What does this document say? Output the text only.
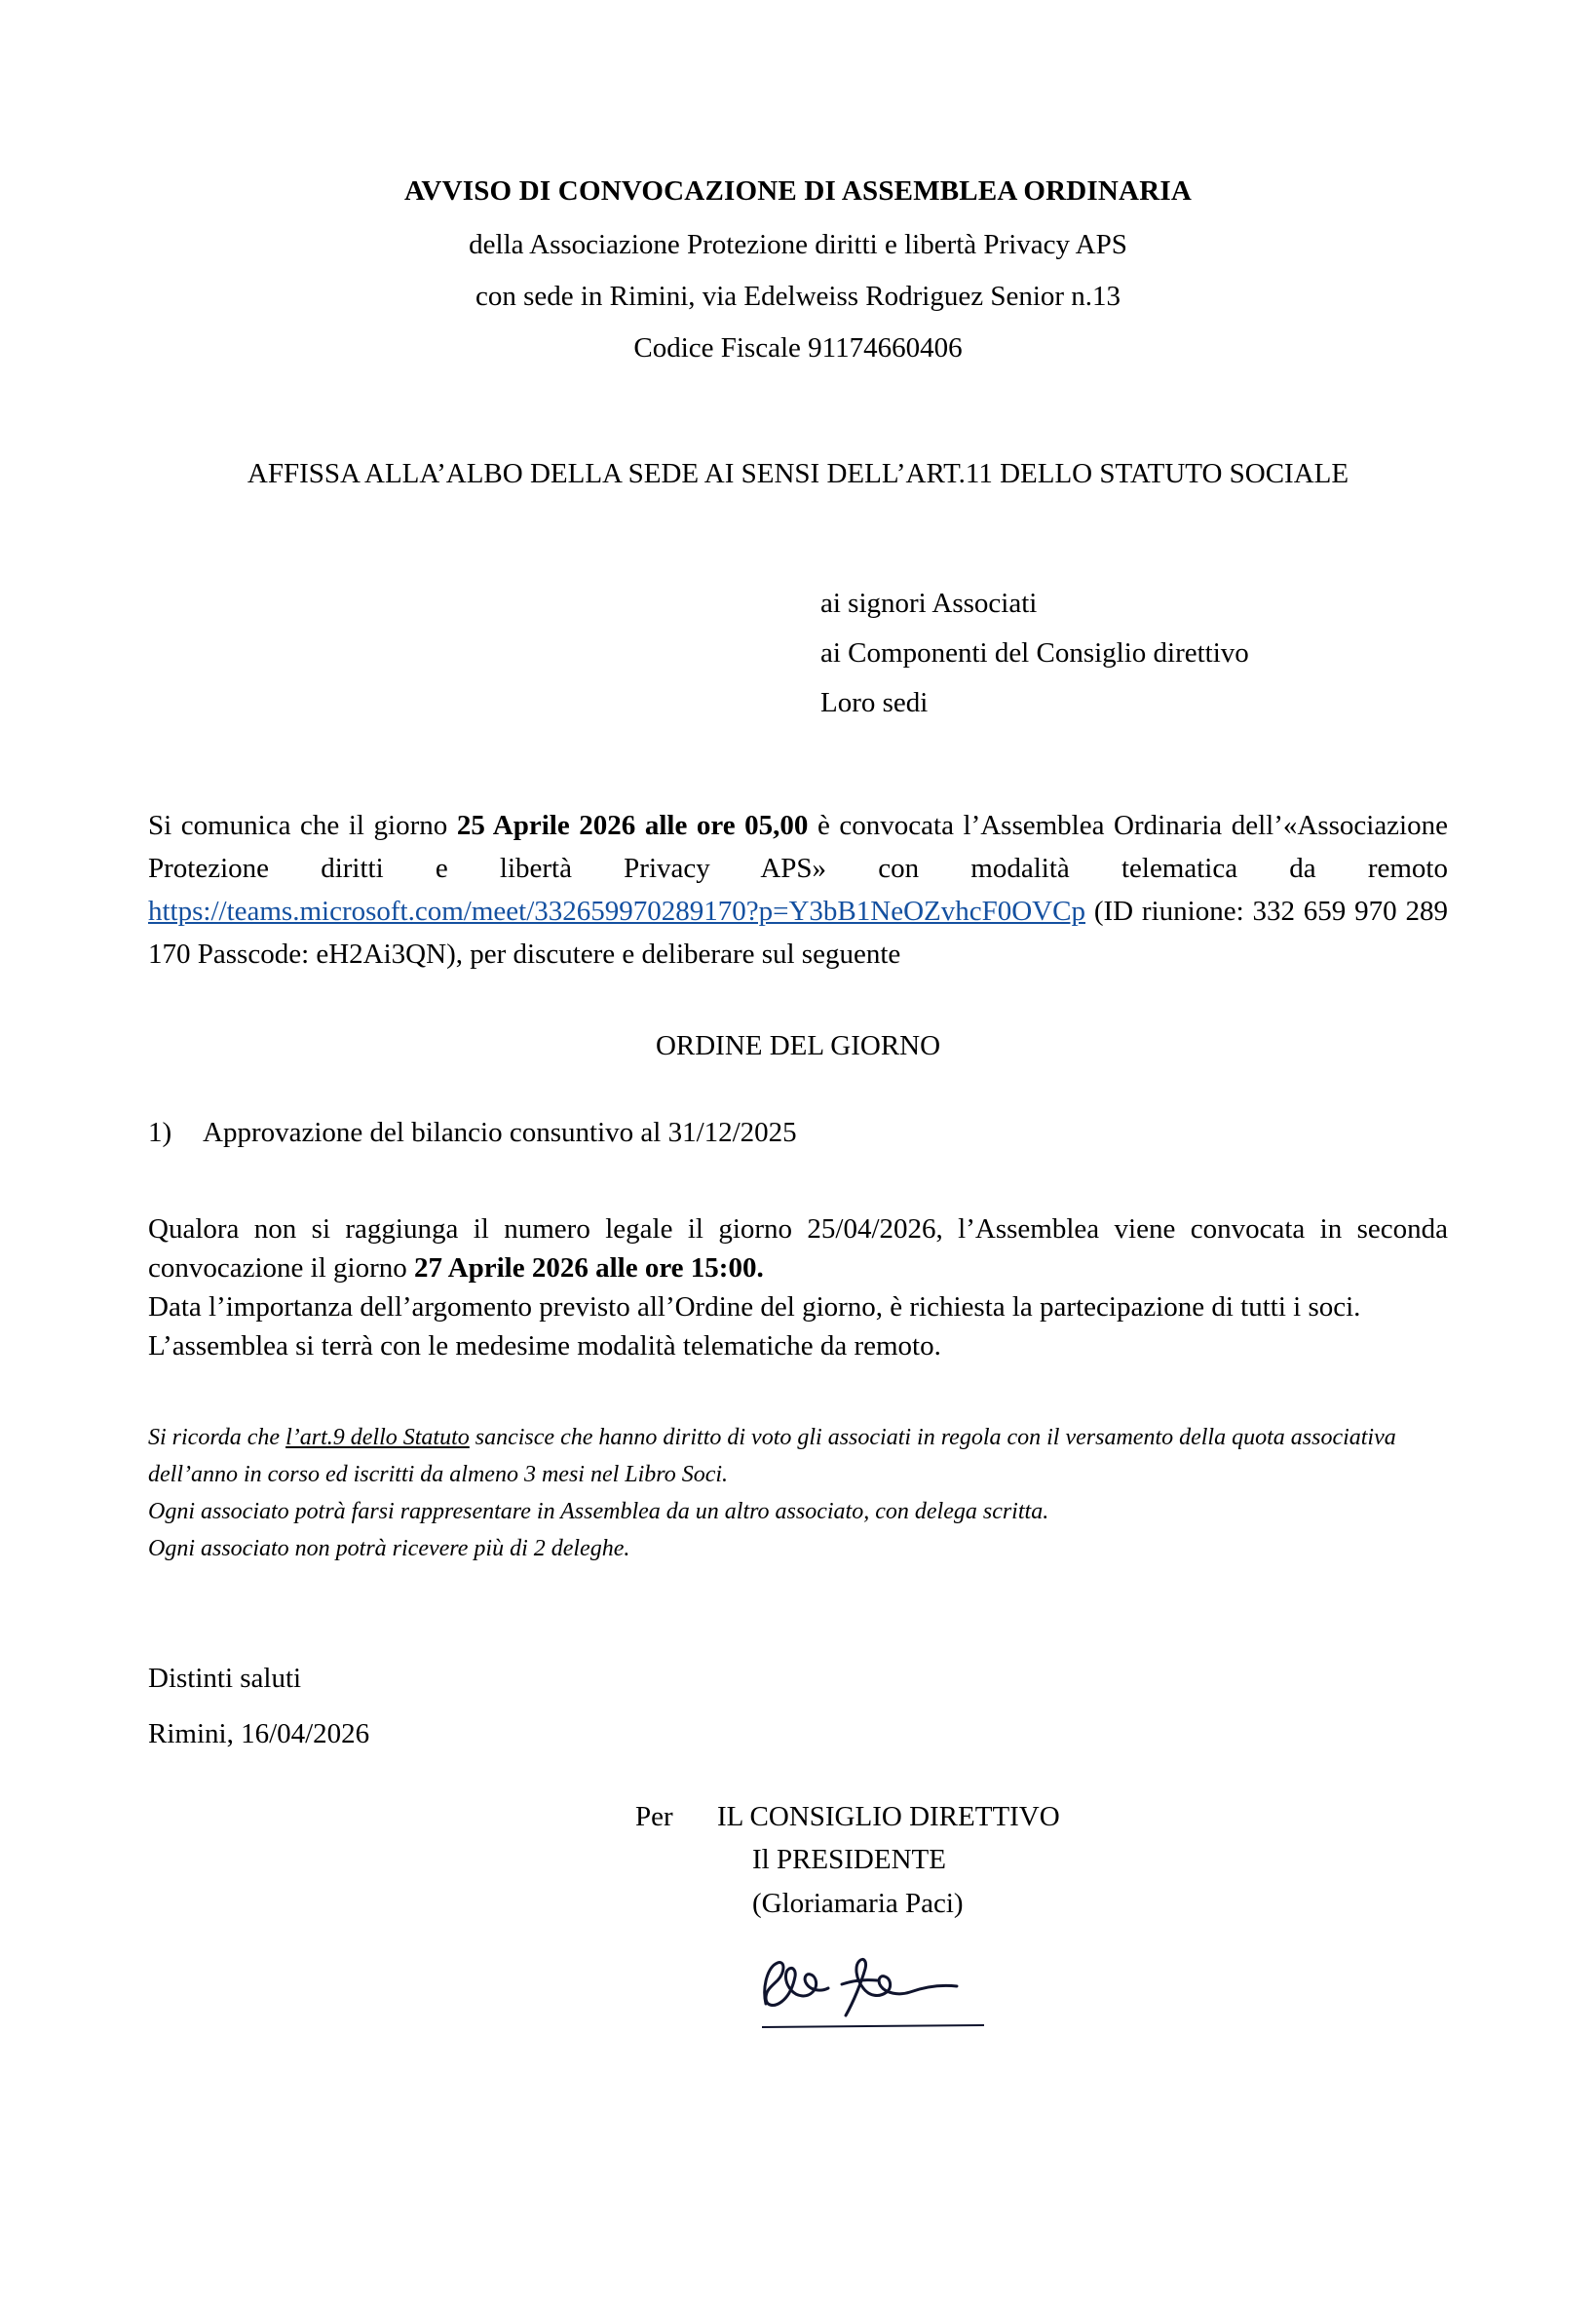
AVVISO DI CONVOCAZIONE DI ASSEMBLEA ORDINARIA
della Associazione Protezione diritti e libertà Privacy APS
con sede in Rimini, via Edelweiss Rodriguez Senior n.13
Codice Fiscale 91174660406
AFFISSA ALLA’ALBO DELLA SEDE AI SENSI DELL’ART.11 DELLO STATUTO SOCIALE
ai signori Associati
ai Componenti del Consiglio direttivo
Loro sedi
Si comunica che il giorno 25 Aprile 2026 alle ore 05,00 è convocata l’Assemblea Ordinaria dell’«Associazione Protezione diritti e libertà Privacy APS» con modalità telematica da remoto https://teams.microsoft.com/meet/332659970289170?p=Y3bB1NeOZvhcF0OVCp (ID riunione: 332 659 970 289 170 Passcode: eH2Ai3QN), per discutere e deliberare sul seguente
ORDINE DEL GIORNO
1) Approvazione del bilancio consuntivo al 31/12/2025

Qualora non si raggiunga il numero legale il giorno 25/04/2026, l’Assemblea viene convocata in seconda convocazione il giorno 27 Aprile 2026 alle ore 15:00.

Data l’importanza dell’argomento previsto all’Ordine del giorno, è richiesta la partecipazione di tutti i soci.

L’assemblea si terrà con le medesime modalità telematiche da remoto.

Si ricorda che l’art.9 dello Statuto sancisce che hanno diritto di voto gli associati in regola con il versamento della quota associativa dell’anno in corso ed iscritti da almeno 3 mesi nel Libro Soci.

Ogni associato potrà farsi rappresentare in Assemblea da un altro associato, con delega scritta.

Ogni associato non potrà ricevere più di 2 deleghe.

Distinti saluti
Rimini, 16/04/2026
Per IL CONSIGLIO DIRETTIVO
Il PRESIDENTE
(Gloriamaria Paci)
